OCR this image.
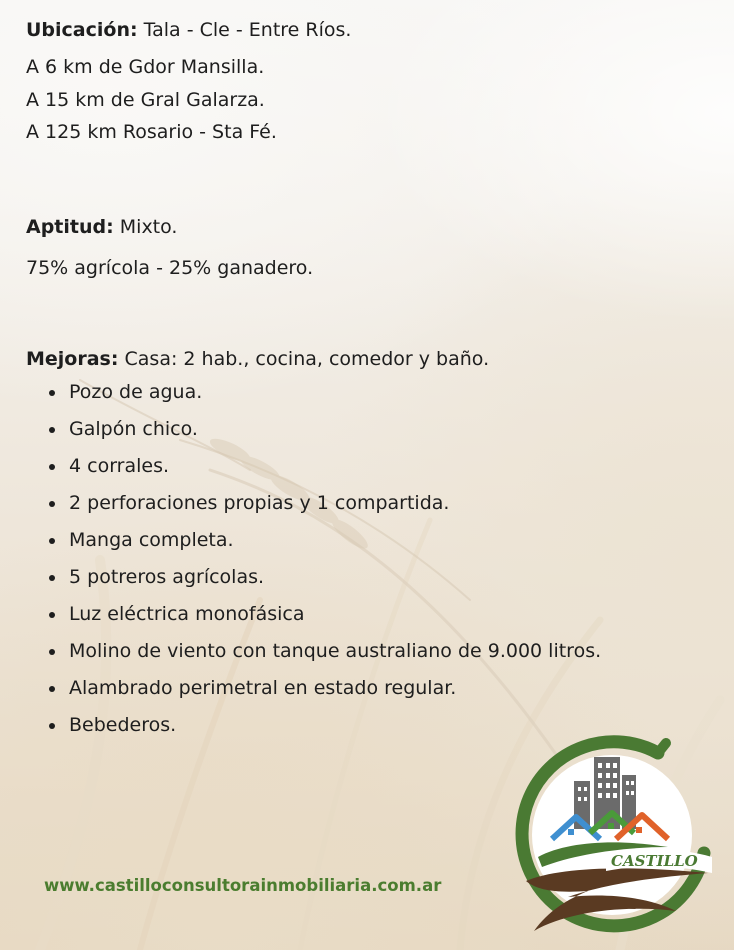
Ubicación: Tala - Cle - Entre Ríos.

A 6 km de Gdor Mansilla.

A 15 km de Gral Galarza.

A 125 km Rosario - Sta Fé.

Aptitud: Mixto.

75% agrícola - 25% ganadero.

Mejoras: Casa: 2 hab., cocina, comedor y baño.

Pozo de agua.
Galpón chico.
4 corrales.
2 perforaciones propias y 1 compartida.
Manga completa.
5 potreros agrícolas.
Luz eléctrica monofásica
Molino de viento con tanque australiano de 9.000 litros.
Alambrado perimetral en estado regular.
Bebederos.

www.castilloconsultorainmobiliaria.com.ar

CASTILLO
